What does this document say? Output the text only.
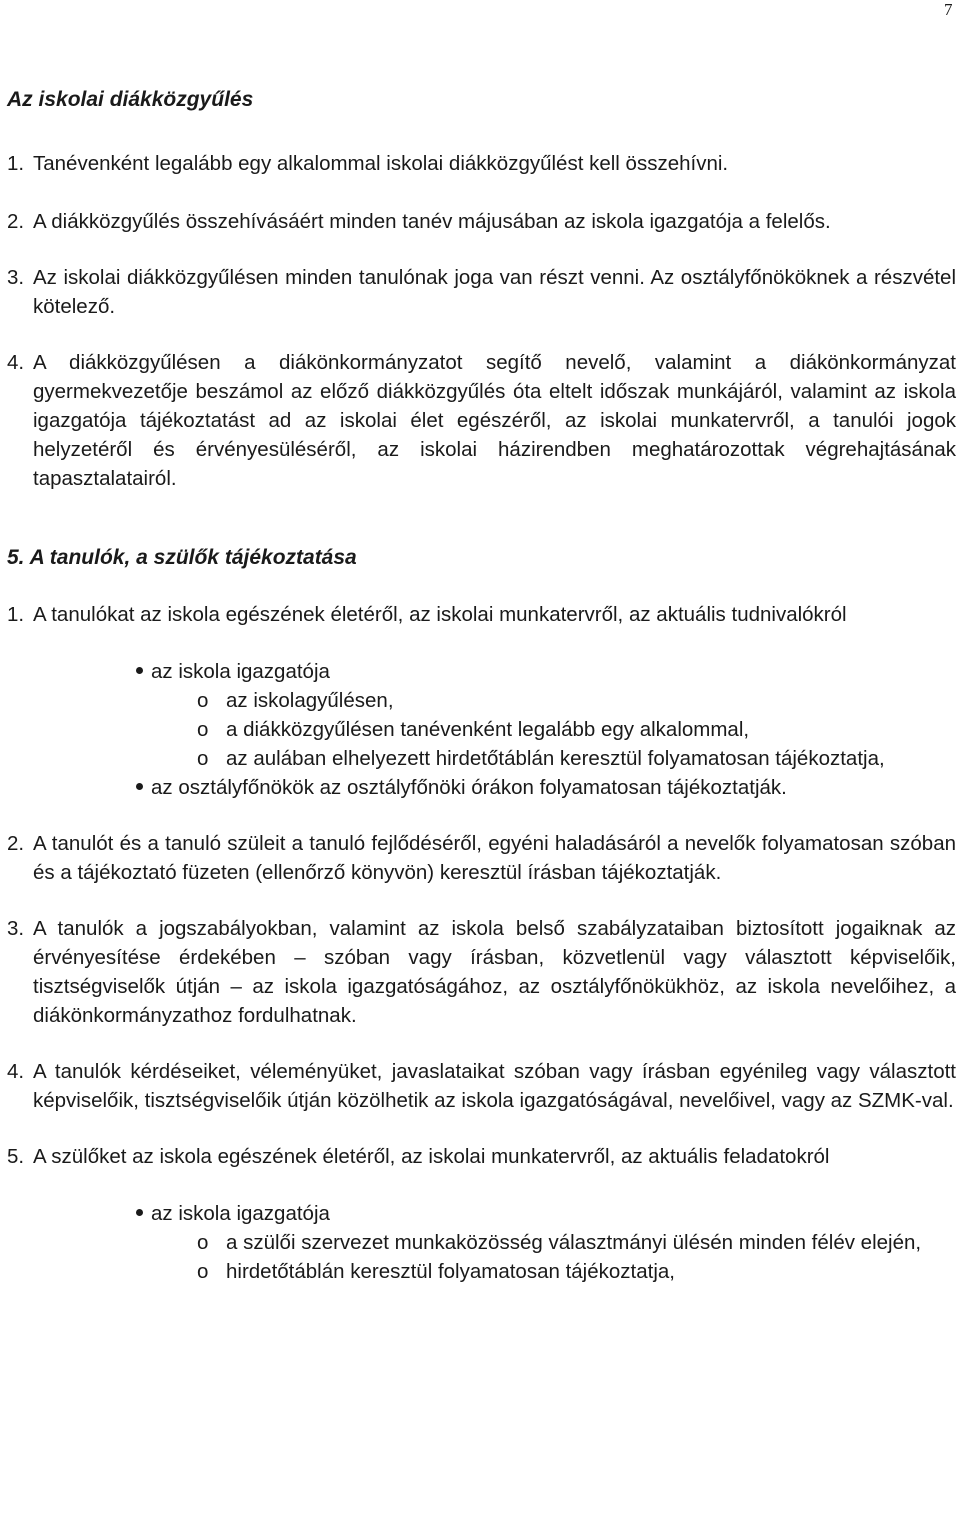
7
Az iskolai diákközgyűlés
1. Tanévenként legalább egy alkalommal iskolai diákközgyűlést kell összehívni.
2. A diákközgyűlés összehívásáért minden tanév májusában az iskola igazgatója a felelős.
3. Az iskolai diákközgyűlésen minden tanulónak joga van részt venni. Az osztályfőnököknek a részvétel kötelező.
4. A diákközgyűlésen a diákönkormányzatot segítő nevelő, valamint a diákönkormányzat gyermekvezetője beszámol az előző diákközgyűlés óta eltelt időszak munkájáról, valamint az iskola igazgatója tájékoztatást ad az iskolai élet egészéről, az iskolai munkatervről, a tanulói jogok helyzetéről és érvényesüléséről, az iskolai házirendben meghatározottak végrehajtásának tapasztalatairól.
5. A tanulók, a szülők tájékoztatása
1. A tanulókat az iskola egészének életéről, az iskolai munkatervről, az aktuális tudnivalókról
az iskola igazgatója
o az iskolagyűlésen,
o a diákközgyűlésen tanévenként legalább egy alkalommal,
o az aulában elhelyezett hirdetőtáblán keresztül folyamatosan tájékoztatja,
az osztályfőnökök az osztályfőnöki órákon folyamatosan tájékoztatják.
2. A tanulót és a tanuló szüleit a tanuló fejlődéséről, egyéni haladásáról a nevelők folyamatosan szóban és a tájékoztató füzeten (ellenőrző könyvön) keresztül írásban tájékoztatják.
3. A tanulók a jogszabályokban, valamint az iskola belső szabályzataiban biztosított jogaiknak az érvényesítése érdekében – szóban vagy írásban, közvetlenül vagy választott képviselőik, tisztségviselők útján – az iskola igazgatóságához, az osztályfőnökükhöz, az iskola nevelőihez, a diákönkormányzathoz fordulhatnak.
4. A tanulók kérdéseiket, véleményüket, javaslataikat szóban vagy írásban egyénileg vagy választott képviselőik, tisztségviselőik útján közölhetik az iskola igazgatóságával, nevelőivel, vagy az SZMK-val.
5. A szülőket az iskola egészének életéről, az iskolai munkatervről, az aktuális feladatokról
az iskola igazgatója
o a szülői szervezet munkaközösség választmányi ülésén minden félév elején,
o hirdetőtáblán keresztül folyamatosan tájékoztatja,
